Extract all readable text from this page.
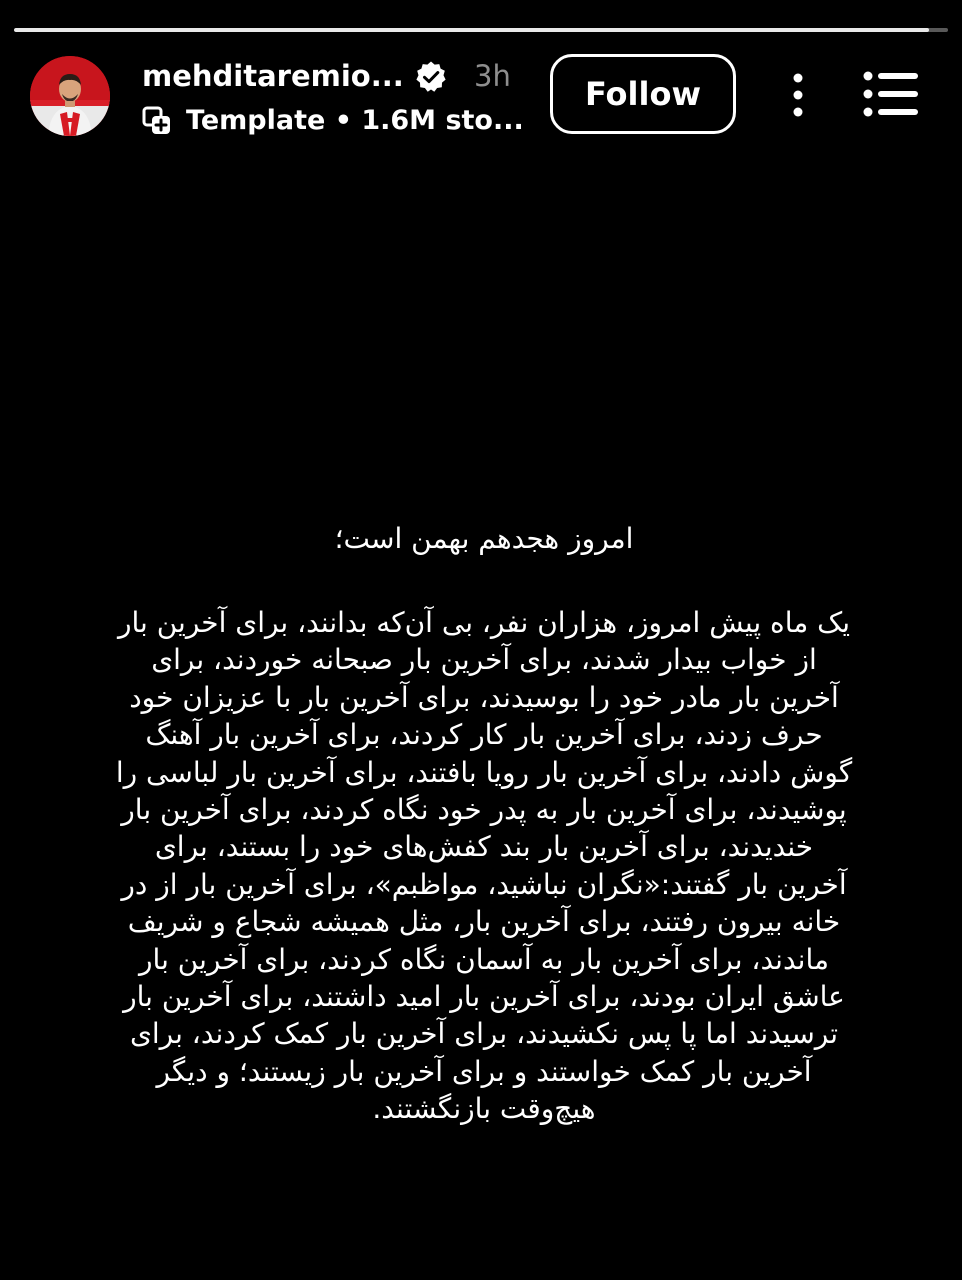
mehditaremio... 3h
Template • 1.6M sto...
Follow

امروز هجدهم بهمن است؛

یک ماه پیش امروز، هزاران نفر، بی آن‌که بدانند، برای آخرین بار
از خواب بیدار شدند، برای آخرین بار صبحانه خوردند، برای
آخرین بار مادر خود را بوسیدند، برای آخرین بار با عزیزان خود
حرف زدند، برای آخرین بار کار کردند، برای آخرین بار آهنگ
گوش دادند، برای آخرین بار رویا بافتند، برای آخرین بار لباسی را
پوشیدند، برای آخرین بار به پدر خود نگاه کردند، برای آخرین بار
خندیدند، برای آخرین بار بند کفش‌های خود را بستند، برای
آخرین بار گفتند:«نگران نباشید، مواظبم»، برای آخرین بار از در
خانه بیرون رفتند، برای آخرین بار، مثل همیشه شجاع و شریف
ماندند، برای آخرین بار به آسمان نگاه کردند، برای آخرین بار
عاشق ایران بودند، برای آخرین بار امید داشتند، برای آخرین بار
ترسیدند اما پا پس نکشیدند، برای آخرین بار کمک کردند، برای
آخرین بار کمک خواستند و برای آخرین بار زیستند؛ و دیگر
هیچ‌وقت بازنگشتند.
